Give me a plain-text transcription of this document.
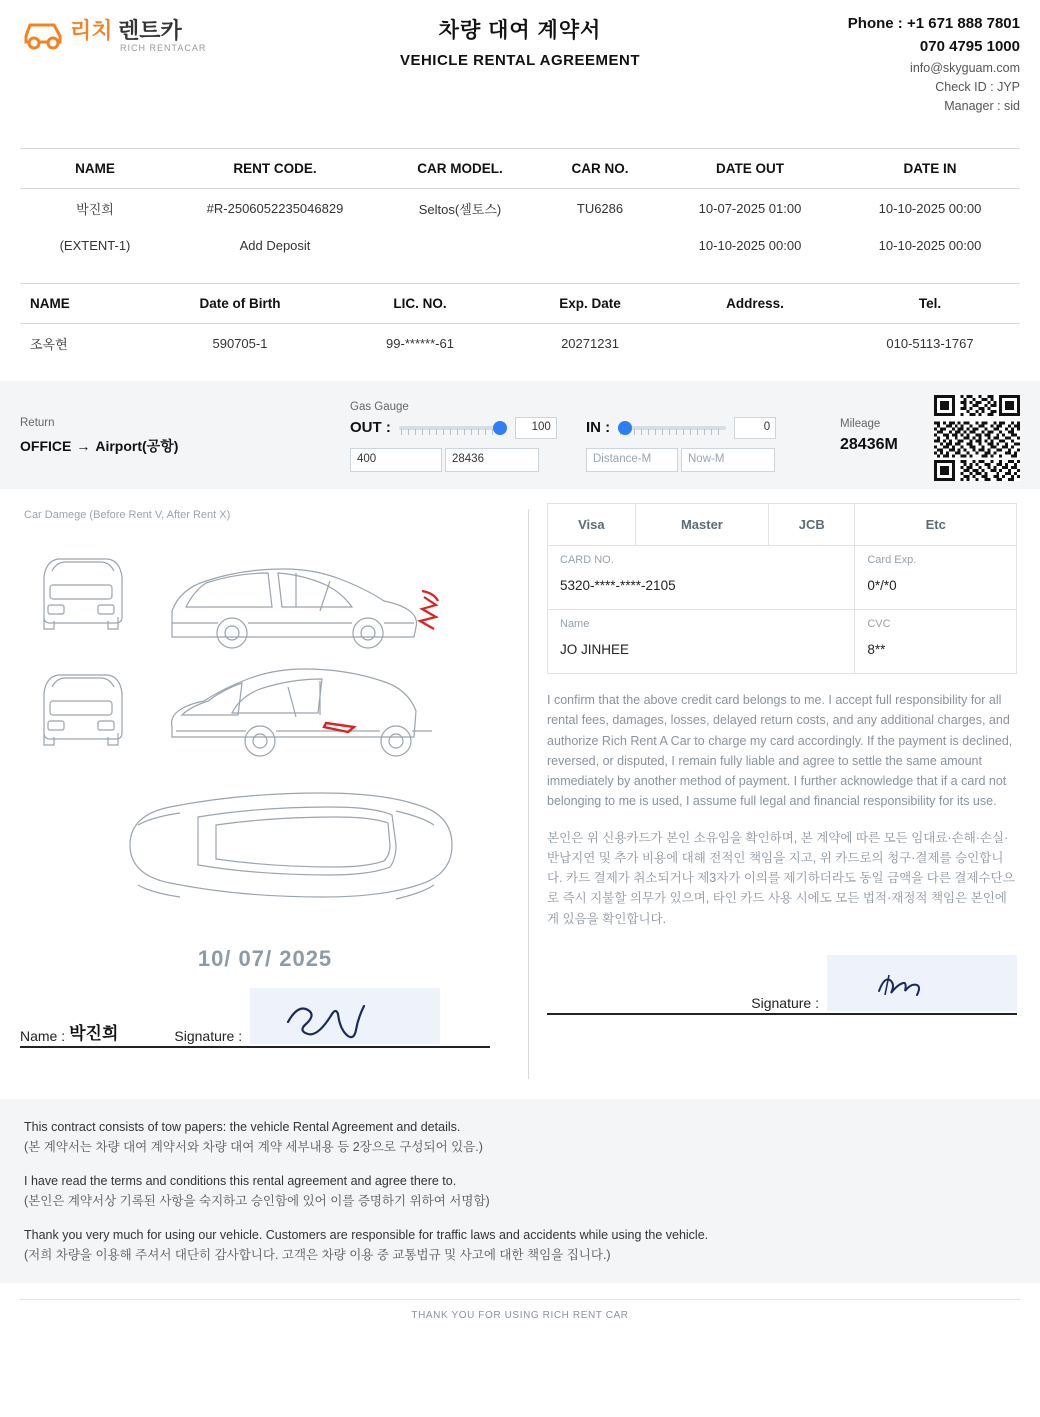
리치 렌트카
RICH RENTACAR
차량 대여 계약서
VEHICLE RENTAL AGREEMENT
Phone : +1 671 888 7801
070 4795 1000
info@skyguam.com
Check ID : JYP
Manager : sid
NAME	RENT CODE.	CAR MODEL.	CAR NO.	DATE OUT	DATE IN
박진희	#R-2506052235046829	Seltos(셀토스)	TU6286	10-07-2025 01:00	10-10-2025 00:00
(EXTENT-1)	Add Deposit			10-10-2025 00:00	10-10-2025 00:00
NAME	Date of Birth	LIC. NO.	Exp. Date	Address.	Tel.
조옥현	590705-1	99-******-61	20271231		010-5113-1767
Return
OFFICE → Airport(공항)
Gas Gauge
OUT :	100
400	28436

IN :	0
Distance-M	Now-M
Mileage
28436M
Car Damege (Before Rent V, After Rent X)
10/ 07/ 2025
Name : 박진희	Signature :
Visa	Master	JCB	Etc

CARD NO.
5320-****-****-2105

Card Exp.
0*/*0

Name
JO JINHEE

CVC
8**
I confirm that the above credit card belongs to me. I accept full responsibility for all rental fees, damages, losses, delayed return costs, and any additional charges, and authorize Rich Rent A Car to charge my card accordingly. If the payment is declined, reversed, or disputed, I remain fully liable and agree to settle the same amount immediately by another method of payment. I further acknowledge that if a card not belonging to me is used, I assume full legal and financial responsibility for its use.
본인은 위 신용카드가 본인 소유임을 확인하며, 본 계약에 따른 모든 임대료·손해·손실·반납지연 및 추가 비용에 대해 전적인 책임을 지고, 위 카드로의 청구·결제를 승인합니다. 카드 결제가 취소되거나 제3자가 이의를 제기하더라도 동일 금액을 다른 결제수단으로 즉시 지불할 의무가 있으며, 타인 카드 사용 시에도 모든 법적·재정적 책임은 본인에게 있음을 확인합니다.
Signature :
This contract consists of tow papers: the vehicle Rental Agreement and details.
(본 계약서는 차량 대여 계약서와 차량 대여 계약 세부내용 등 2장으로 구성되어 있음.)
I have read the terms and conditions this rental agreement and agree there to.
(본인은 계약서상 기록된 사항을 숙지하고 승인함에 있어 이를 증명하기 위하여 서명함)
Thank you very much for using our vehicle. Customers are responsible for traffic laws and accidents while using the vehicle.
(저희 차량을 이용해 주셔서 대단히 감사합니다. 고객은 차량 이용 중 교통법규 및 사고에 대한 책임을 집니다.)
THANK YOU FOR USING RICH RENT CAR
